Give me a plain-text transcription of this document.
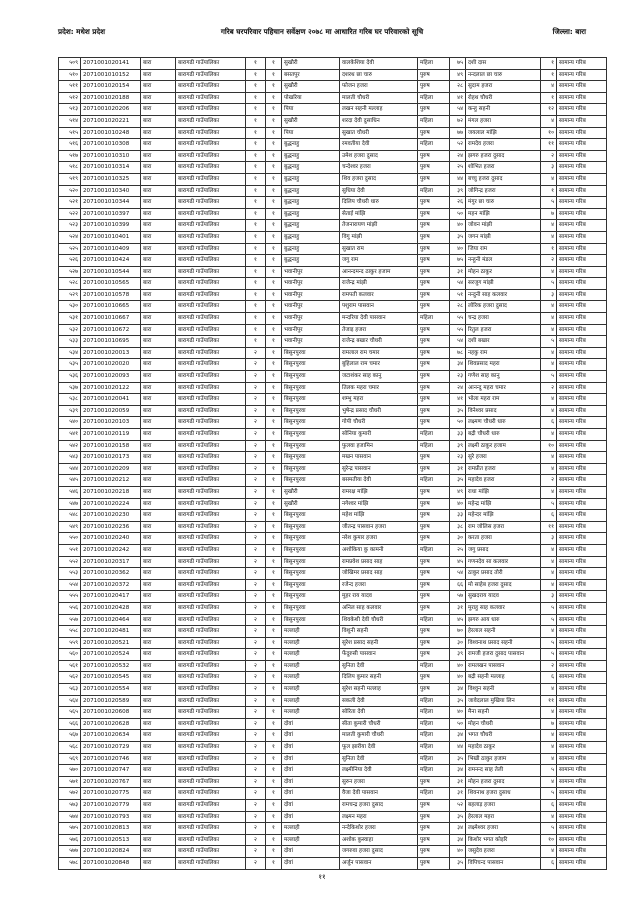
प्रदेश: मधेश प्रदेश	गरिब घरपरिवार पहिचान सर्वेक्षण २०७८ मा आधारित गरिब घर परिवारको सूचि	जिल्ला: बारा
५०९	2071001020141	बारा	बारागढी गाउँपालिका	१	१	सुखौरी	वालकेशिया देवी	महिला	७५	दशी दास	१	सामान्य गरिब
५१०	2071001010152	बारा	बारागढी गाउँपालिका	१	१	बसतपुर	दशरथ छा चारु	पुरुष	४९	नन्दलाल छा चारु	१	सामान्य गरिब
५११	2071001020154	बारा	बारागढी गाउँपालिका	१	१	सुखौरी	फोजन हजरा	पुरुष	२८	सुदाम हजरा	४	सामान्य गरिब
५१२	2071001020188	बारा	बारागढी गाउँपालिका	१	१	पोखरिया	मालती चौधरी	महिला	४१	रोहथ चौधरी	१	सामान्य गरिब
५१३	2071001020206	बारा	बारागढी गाउँपालिका	१	१	पिया	लखन सहनी मल्लाह	पुरुष	५४	कन्हु सहनी	१२	सामान्य गरिब
५१४	2071001020221	बारा	बारागढी गाउँपालिका	१	१	सुखौरी	शरदा देवी दुसाधिन	महिला	७२	मंगल हजरा	४	सामान्य गरिब
५१५	2071001010248	बारा	बारागढी गाउँपालिका	१	१	पिया	सुखात चौधरी	पुरुष	७७	जयलाल मांझि	१०	सामान्य गरिब
५१६	2071001010308	बारा	बारागढी गाउँपालिका	१	१	बुद्धनाहु	रमवतीया देवी	महिला	५२	रामदेव हजरा	११	सामान्य गरिब
५१७	2071001010310	बारा	बारागढी गाउँपालिका	१	१	बुद्धनाहु	उमेश हजरा दुसाद	पुरुष	२४	झगरु हजरा दुसाद	२	सामान्य गरिब
५१८	2071001010314	बारा	बारागढी गाउँपालिका	१	१	बुद्धनाहु	चन्देश्वर हजरा	पुरुष	२५	शोभित हजरा	३	सामान्य गरिब
५१९	2071001010325	बारा	बारागढी गाउँपालिका	१	१	बुद्धनाहु	शिव हजरा दुसाद	पुरुष	४४	बच्चु हजरा दुसाद	४	सामान्य गरिब
५२०	2071001010340	बारा	बारागढी गाउँपालिका	१	१	बुद्धनाहु	सुधिया देवी	महिला	३९	जोगिन्द्र हजरा	१	सामान्य गरिब
५२१	2071001010344	बारा	बारागढी गाउँपालिका	१	१	बुद्धनाहु	दिलिप चौधरी धारु	पुरुष	२६	मंगुर छा चारु	५	सामान्य गरिब
५२२	2071001010397	बारा	बारागढी गाउँपालिका	१	१	बुद्धनाहु	सेताई मांझि	पुरुष	५०	महन मांझि	७	सामान्य गरिब
५२३	2071001010399	बारा	बारागढी गाउँपालिका	१	१	बुद्धनाहु	तेजनारायण मांझी	पुरुष	४०	जोवन मांझी	४	सामान्य गरिब
५२४	2071001010401	बारा	बारागढी गाउँपालिका	१	१	बुद्धनाहु	विगु मांझी	पुरुष	३५	जगन मांझी	४	सामान्य गरिब
५२५	2071001010409	बारा	बारागढी गाउँपालिका	१	१	बुद्धनाहु	सुखात राम	पुरुष	४०	जिया राम	१	सामान्य गरिब
५२६	2071001010424	बारा	बारागढी गाउँपालिका	१	१	बुद्धनाहु	जगु राम	पुरुष	७५	नन्हुनी मंडल	२	सामान्य गरिब
५२७	2071001010544	बारा	बारागढी गाउँपालिका	१	१	भवानीपुर	आनन्दमन्द ठाकुर हजाम	पुरुष	३१	मोहन ठाकुर	४	सामान्य गरिब
५२८	2071001010565	बारा	बारागढी गाउँपालिका	१	१	भवानीपुर	राजेन्द्र मांझी	पुरुष	५४	सरजुग मांझी	५	सामान्य गरिब
५२९	2071001010578	बारा	बारागढी गाउँपालिका	१	१	भवानीपुर	रामपती कलवार	पुरुष	५१	नन्दुनी साह कलवार	३	सामान्य गरिब
५३०	2071001010665	बारा	बारागढी गाउँपालिका	१	१	भवानीपुर	पशुराम पासवान	पुरुष	२८	लोरिक हजरा दुसाद	४	सामान्य गरिब
५३१	2071001010667	बारा	बारागढी गाउँपालिका	१	१	भवानीपुर	मन्दरिया देवी पासवान	महिला	५५	चन्द्र हजरा	४	सामान्य गरिब
५३२	2071001010672	बारा	बारागढी गाउँपालिका	१	१	भवानीपुर	तेजाइ हजरा	पुरुष	५५	रितुल हजरा	४	सामान्य गरिब
५३३	2071001010695	बारा	बारागढी गाउँपालिका	१	१	भवानीपुर	राजेन्द्र बखार चौधरी	पुरुष	५४	दशी बखार	५	सामान्य गरिब
५३४	2071001020013	बारा	बारागढी गाउँपालिका	२	१	बिसुनपुरवा	रामलाल राम चमार	पुरुष	७८	नहकु राम	४	सामान्य गरिब
५३५	2071001020020	बारा	बारागढी गाउँपालिका	२	१	बिसुनपुरवा	बुहिलाल राम चमार	पुरुष	३४	शिवप्रसाद महरा	४	सामान्य गरिब
५३६	2071001020093	बारा	बारागढी गाउँपालिका	२	१	बिसुनपुरवा	जटाशंकर साह कानु	पुरुष	२३	गणेश साह कानु	५	सामान्य गरिब
५३७	2071001020122	बारा	बारागढी गाउँपालिका	२	१	बिसुनपुरवा	तिलक महरा चमार	पुरुष	२४	आनन्दु महरा चमार	२	सामान्य गरिब
५३८	2071001020041	बारा	बारागढी गाउँपालिका	२	१	बिसुनपुरवा	शम्भु महरा	पुरुष	४१	भोला महरा राम	४	सामान्य गरिब
५३९	2071001020059	बारा	बारागढी गाउँपालिका	२	१	बिसुनपुरवा	भुषेन्द्र प्रसाद चौधरी	पुरुष	३५	विनेश्वर प्रसाद	४	सामान्य गरिब
५४०	2071001020103	बारा	बारागढी गाउँपालिका	२	१	बिसुनपुरवा	गोपी चौधरी	पुरुष	५०	लक्ष्मण चौधरी धारु	६	सामान्य गरिब
५४१	2071001020119	बारा	बारागढी गाउँपालिका	२	१	बिसुनपुरवा	सोनिया कुमारी	महिला	३३	बद्री चौधरी धारु	४	सामान्य गरिब
५४२	2071001020158	बारा	बारागढी गाउँपालिका	२	१	बिसुनपुरवा	फुलवा हजामिन	महिला	३९	लक्ष्मी ठाकुर हजाम	१०	सामान्य गरिब
५४३	2071001020173	बारा	बारागढी गाउँपालिका	२	१	बिसुनपुरवा	मखन पासवान	पुरुष	२३	सुरे हजरा	४	सामान्य गरिब
५४४	2071001020209	बारा	बारागढी गाउँपालिका	२	१	बिसुनपुरवा	सुरेन्द्र पासवान	पुरुष	३१	रामप्रीत हजरा	४	सामान्य गरिब
५४५	2071001020212	बारा	बारागढी गाउँपालिका	२	१	बिसुनपुरवा	बसमतीया देवी	महिला	३५	महादेव हजरा	२	सामान्य गरिब
५४६	2071001020218	बारा	बारागढी गाउँपालिका	२	१	सुखौरी	रामरक्ष मांझि	पुरुष	४९	राधा मांझि	४	सामान्य गरिब
५४७	2071001020224	बारा	बारागढी गाउँपालिका	२	१	सुखौरी	नगेश्वर मांझि	पुरुष	४०	महेन्द्र मांझि	५	सामान्य गरिब
५४८	2071001020230	बारा	बारागढी गाउँपालिका	२	१	बिसुनपुरवा	महेश मांझि	पुरुष	३३	महेन्दर मांझि	६	सामान्य गरिब
५४९	2071001020236	बारा	बारागढी गाउँपालिका	२	१	बिसुनपुरवा	जीतन्द्र पासवान हजरा	पुरुष	३८	राम जोलिस हजरा	११	सामान्य गरिब
५५०	2071001020240	बारा	बारागढी गाउँपालिका	२	१	बिसुनपुरवा	नरेश कुमार हजरा	पुरुष	३०	करता हजरा	३	सामान्य गरिब
५५१	2071001020242	बारा	बारागढी गाउँपालिका	२	१	बिसुनपुरवा	अशोकिया कु कामनी	महिला	२५	जगु प्रसाद	४	सामान्य गरिब
५५२	2071001020317	बारा	बारागढी गाउँपालिका	२	१	बिसुनपुरवा	रामप्रवेश प्रसाद साह	पुरुष	४५	गणनदेव सा कलवार	४	सामान्य गरिब
५५३	2071001020362	बारा	बारागढी गाउँपालिका	२	१	बिसुनपुरवा	जोखिमर प्रसाद साह	पुरुष	५४	ठाकुर प्रसाद तोरी	४	सामान्य गरिब
५५४	2071001020372	बारा	बारागढी गाउँपालिका	२	१	बिसुनपुरवा	रजेन्द हजरा	पुरुष	६६	मो साहेब हजरा दुसाद	४	सामान्य गरिब
५५५	2071001020417	बारा	बारागढी गाउँपालिका	२	१	बिसुनपुरवा	मुहर राय यादव	पुरुष	५७	सुखदराय यादव	३	सामान्य गरिब
५५६	2071001020428	बारा	बारागढी गाउँपालिका	२	१	बिसुनपुरवा	अनिल साह कलवार	पुरुष	३१	मुराहु साह कलवार	५	सामान्य गरिब
५५७	2071001020464	बारा	बारागढी गाउँपालिका	२	१	बिसुनपुरवा	शिवकेशी देवी चौधरी	महिला	४५	झगरु आय धारु	५	सामान्य गरिब
५५८	2071001020481	बारा	बारागढी गाउँपालिका	२	१	मल्लाही	विशुनी सहनी	पुरुष	७०	हेरलाल सहनी	४	सामान्य गरिब
५५९	2071001020521	बारा	बारागढी गाउँपालिका	२	१	मल्लाही	सुरेश प्रसाद सहनी	पुरुष	३०	विश्वनाथ प्रसाद सहनी	५	सामान्य गरिब
५६०	2071001020524	बारा	बारागढी गाउँपालिका	२	१	मल्लाही	फेंदुरुसी पासवान	पुरुष	३९	रामजी हजरा दुसाद पासवान	५	सामान्य गरिब
५६१	2071001020532	बारा	बारागढी गाउँपालिका	२	१	मल्लाही	सुनिता देवी	महिला	४०	रामलखन पासवान	२	सामान्य गरिब
५६२	2071001020545	बारा	बारागढी गाउँपालिका	२	१	मल्लाही	दिलिप कुमार सहनी	पुरुष	४०	बद्री सहनी मल्लाह	६	सामान्य गरिब
५६३	2071001020554	बारा	बारागढी गाउँपालिका	२	१	मल्लाही	सुरेश सहनी मल्लाह	पुरुष	३४	विश्वुन सहनी	४	सामान्य गरिब
५६४	2071001020589	बारा	बारागढी गाउँपालिका	२	१	मल्लाही	सकली देवी	महिला	३५	जावेदलाल मुखिया लिन	११	सामान्य गरिब
५६५	2071001020608	बारा	बारागढी गाउँपालिका	२	१	मल्लाही	सोरिता देवी	महिला	४०	मैना सहनी	४	सामान्य गरिब
५६६	2071001020628	बारा	बारागढी गाउँपालिका	२	१	दोवां	सीता कुमारी चौधरी	महिला	५०	मोहन चौधरी	७	सामान्य गरिब
५६७	2071001020634	बारा	बारागढी गाउँपालिका	२	१	दोवां	मालती कुमारी चौधरी	महिला	३४	भगत चौधरी	४	सामान्य गरिब
५६८	2071001020729	बारा	बारागढी गाउँपालिका	२	१	दोवां	फूल झारीया देवी	महिला	४४	महादेव ठाकुर	४	सामान्य गरिब
५६९	2071001020746	बारा	बारागढी गाउँपालिका	२	१	दोवां	सुनिता देवी	महिला	३५	भिखी ठाकुर हजाम	४	सामान्य गरिब
५७०	2071001020747	बारा	बारागढी गाउँपालिका	२	१	दोवां	लक्ष्मीनिया देवी	महिला	३४	रामनन्द साह तेली	५	सामान्य गरिब
५७१	2071001020767	बारा	बारागढी गाउँपालिका	२	१	दोवां	सुरुन हजरा	पुरुष	३१	मोहन हजरा दुसाद	४	सामान्य गरिब
५७२	2071001020775	बारा	बारागढी गाउँपालिका	२	१	दोवां	वैजा देवी पासवान	महिला	३१	शिवनाथ हजरा दुसाध	५	सामान्य गरिब
५७३	2071001020779	बारा	बारागढी गाउँपालिका	२	१	दोवां	रामचन्द्र हजरा दुसाद	पुरुष	५२	बहलाड़ हजरा	६	सामान्य गरिब
५७४	2071001020793	बारा	बारागढी गाउँपालिका	२	१	दोवां	लक्ष्मन महरा	पुरुष	३५	हेरलाल महरा	४	सामान्य गरिब
५७५	2071001020813	बारा	बारागढी गाउँपालिका	२	१	मल्लाही	नन्देकिशोर हजरा	पुरुष	३४	लक्ष्मेश्वर हजरा	५	सामान्य गरिब
५७६	2071001020513	बारा	बारागढी गाउँपालिका	२	१	मल्लाही	अशोक कुस्वाहा	पुरुष	३४	किशोर भगत कोइरि	१०	सामान्य गरिब
५७७	2071001020824	बारा	बारागढी गाउँपालिका	२	१	दोवां	जगरुवा हजरा दुसाद	पुरुष	४०	जसुदेव हजरा	४	सामान्य गरिब
५७८	2071001020848	बारा	बारागढी गाउँपालिका	२	१	दोवां	अर्जुन पासवान	पुरुष	३५	विपिचन्द पासवान	६	सामान्य गरिब
११
